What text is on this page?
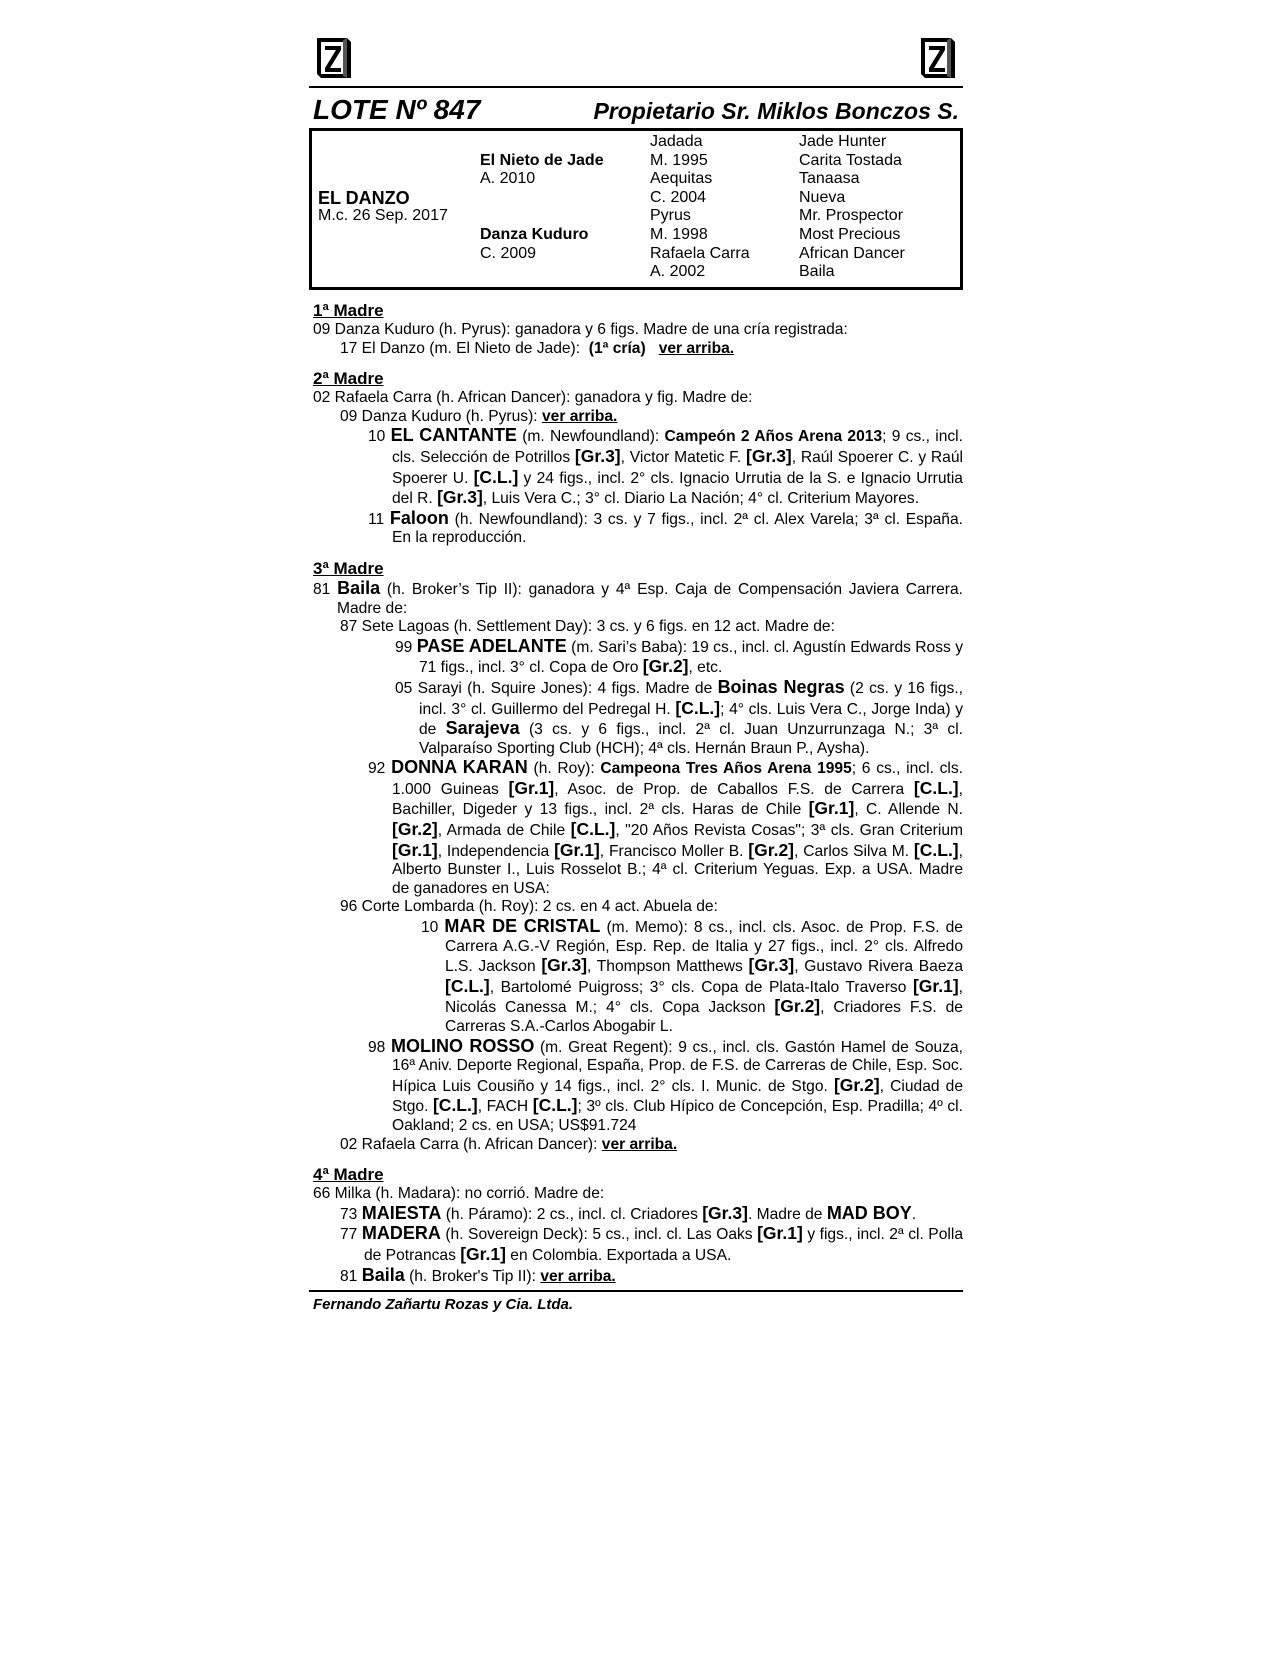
LOTE Nº 847	Propietario Sr. Miklos Bonczos S.
EL DANZO
M.c. 26 Sep. 2017
El Nieto de Jade
A. 2010
Danza Kuduro
C. 2009
Jadada
M. 1995
Aequitas
C. 2004
Pyrus
M. 1998
Rafaela Carra
A. 2002
Jade Hunter
Carita Tostada
Tanaasa
Nueva
Mr. Prospector
Most Precious
African Dancer
Baila
1ª Madre
09 Danza Kuduro (h. Pyrus): ganadora y 6 figs. Madre de una cría registrada:
17 El Danzo (m. El Nieto de Jade): (1ª cría) ver arriba.
2ª Madre
02 Rafaela Carra (h. African Dancer): ganadora y fig. Madre de:
09 Danza Kuduro (h. Pyrus): ver arriba.
10 EL CANTANTE (m. Newfoundland): Campeón 2 Años Arena 2013; 9 cs., incl. cls. Selección de Potrillos [Gr.3], Victor Matetic F. [Gr.3], Raúl Spoerer C. y Raúl Spoerer U. [C.L.] y 24 figs., incl. 2° cls. Ignacio Urrutia de la S. e Ignacio Urrutia del R. [Gr.3], Luis Vera C.; 3° cl. Diario La Nación; 4° cl. Criterium Mayores.
11 Faloon (h. Newfoundland): 3 cs. y 7 figs., incl. 2ª cl. Alex Varela; 3ª cl. España. En la reproducción.
3ª Madre
81 Baila (h. Broker’s Tip II): ganadora y 4ª Esp. Caja de Compensación Javiera Carrera. Madre de:
87 Sete Lagoas (h. Settlement Day): 3 cs. y 6 figs. en 12 act. Madre de:
99 PASE ADELANTE (m. Sari’s Baba): 19 cs., incl. cl. Agustín Edwards Ross y 71 figs., incl. 3° cl. Copa de Oro [Gr.2], etc.
05 Sarayi (h. Squire Jones): 4 figs. Madre de Boinas Negras (2 cs. y 16 figs., incl. 3° cl. Guillermo del Pedregal H. [C.L.]; 4° cls. Luis Vera C., Jorge Inda) y de Sarajeva (3 cs. y 6 figs., incl. 2ª cl. Juan Unzurrunzaga N.; 3ª cl. Valparaíso Sporting Club (HCH); 4ª cls. Hernán Braun P., Aysha).
92 DONNA KARAN (h. Roy): Campeona Tres Años Arena 1995; 6 cs., incl. cls. 1.000 Guineas [Gr.1], Asoc. de Prop. de Caballos F.S. de Carrera [C.L.], Bachiller, Digeder y 13 figs., incl. 2ª cls. Haras de Chile [Gr.1], C. Allende N. [Gr.2], Armada de Chile [C.L.], "20 Años Revista Cosas"; 3ª cls. Gran Criterium [Gr.1], Independencia [Gr.1], Francisco Moller B. [Gr.2], Carlos Silva M. [C.L.], Alberto Bunster I., Luis Rosselot B.; 4ª cl. Criterium Yeguas. Exp. a USA. Madre de ganadores en USA:
96 Corte Lombarda (h. Roy): 2 cs. en 4 act. Abuela de:
10 MAR DE CRISTAL (m. Memo): 8 cs., incl. cls. Asoc. de Prop. F.S. de Carrera A.G.-V Región, Esp. Rep. de Italia y 27 figs., incl. 2° cls. Alfredo L.S. Jackson [Gr.3], Thompson Matthews [Gr.3], Gustavo Rivera Baeza [C.L.], Bartolomé Puigross; 3° cls. Copa de Plata-Italo Traverso [Gr.1], Nicolás Canessa M.; 4° cls. Copa Jackson [Gr.2], Criadores F.S. de Carreras S.A.-Carlos Abogabir L.
98 MOLINO ROSSO (m. Great Regent): 9 cs., incl. cls. Gastón Hamel de Souza, 16ª Aniv. Deporte Regional, España, Prop. de F.S. de Carreras de Chile, Esp. Soc. Hípica Luis Cousiño y 14 figs., incl. 2° cls. I. Munic. de Stgo. [Gr.2], Ciudad de Stgo. [C.L.], FACH [C.L.]; 3º cls. Club Hípico de Concepción, Esp. Pradilla; 4º cl. Oakland; 2 cs. en USA; US$91.724
02 Rafaela Carra (h. African Dancer): ver arriba.
4ª Madre
66 Milka (h. Madara): no corrió. Madre de:
73 MAIESTA (h. Páramo): 2 cs., incl. cl. Criadores [Gr.3]. Madre de MAD BOY.
77 MADERA (h. Sovereign Deck): 5 cs., incl. cl. Las Oaks [Gr.1] y figs., incl. 2ª cl. Polla de Potrancas [Gr.1] en Colombia. Exportada a USA.
81 Baila (h. Broker's Tip II): ver arriba.
Fernando Zañartu Rozas y Cia. Ltda.
